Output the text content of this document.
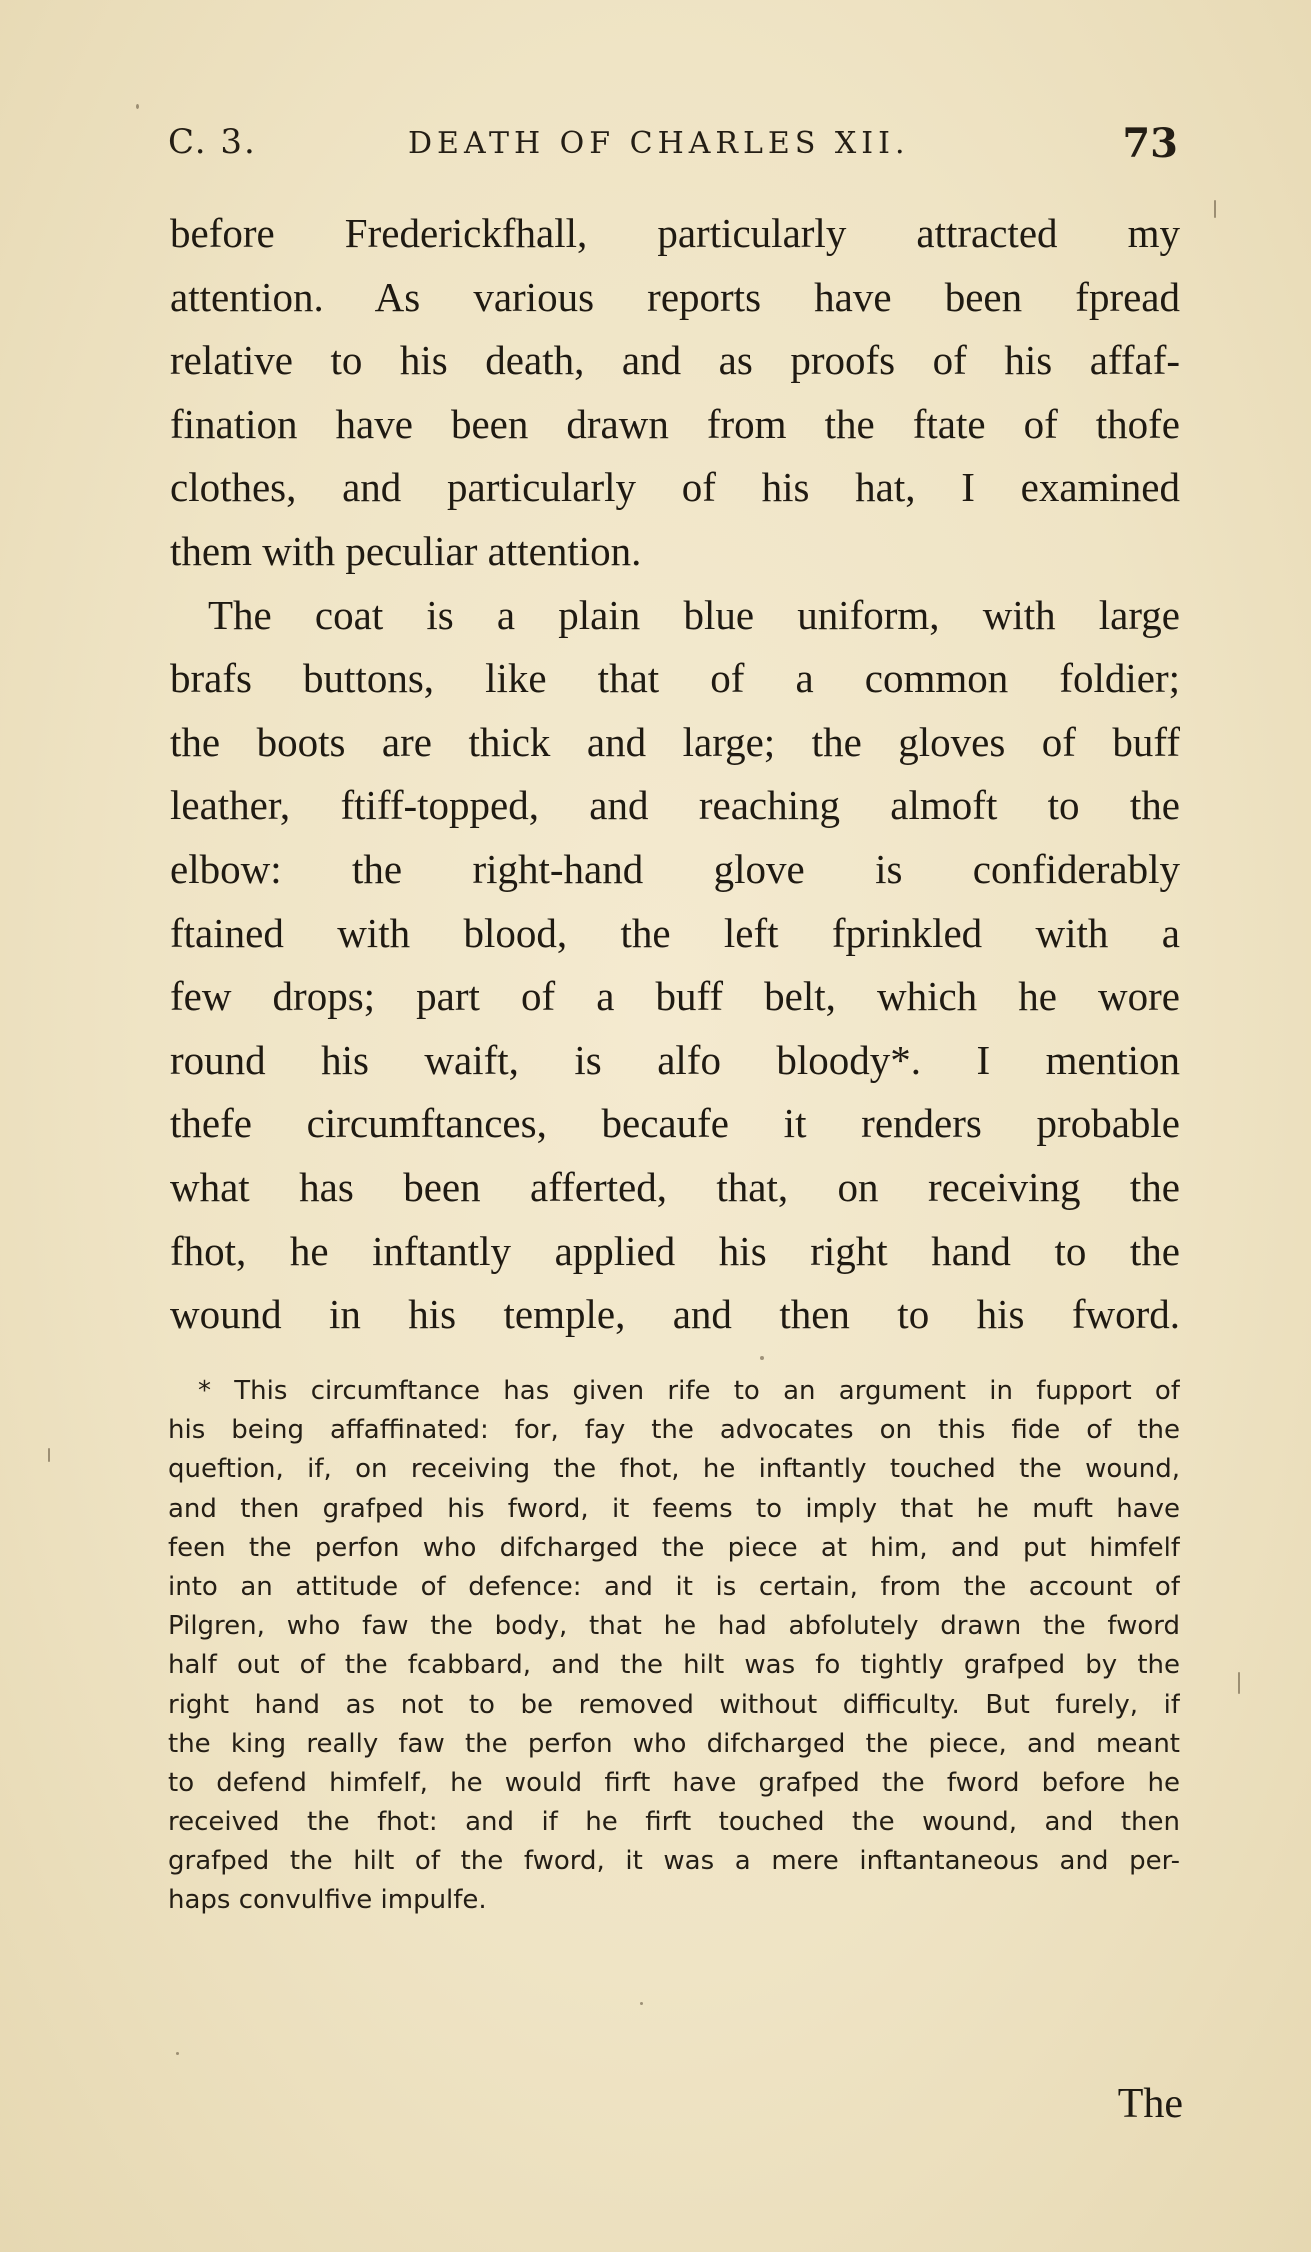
C. 3.	DEATH OF CHARLES XII.	73
before Frederickfhall, particularly attracted my
attention. As various reports have been fpread
relative to his death, and as proofs of his affaf-
fination have been drawn from the ftate of thofe
clothes, and particularly of his hat, I examined
them with peculiar attention.
The coat is a plain blue uniform, with large
brafs buttons, like that of a common foldier;
the boots are thick and large; the gloves of buff
leather, ftiff-topped, and reaching almoft to the
elbow: the right-hand glove is confiderably
ftained with blood, the left fprinkled with a
few drops; part of a buff belt, which he wore
round his waift, is alfo bloody*. I mention
thefe circumftances, becaufe it renders probable
what has been afferted, that, on receiving the
fhot, he inftantly applied his right hand to the
wound in his temple, and then to his fword.
* This circumftance has given rife to an argument in fupport of
his being affaffinated: for, fay the advocates on this fide of the
queftion, if, on receiving the fhot, he inftantly touched the wound,
and then grafped his fword, it feems to imply that he muft have
feen the perfon who difcharged the piece at him, and put himfelf
into an attitude of defence: and it is certain, from the account of
Pilgren, who faw the body, that he had abfolutely drawn the fword
half out of the fcabbard, and the hilt was fo tightly grafped by the
right hand as not to be removed without difficulty. But furely, if
the king really faw the perfon who difcharged the piece, and meant
to defend himfelf, he would firft have grafped the fword before he
received the fhot: and if he firft touched the wound, and then
grafped the hilt of the fword, it was a mere inftantaneous and per-
haps convulfive impulfe.
The
